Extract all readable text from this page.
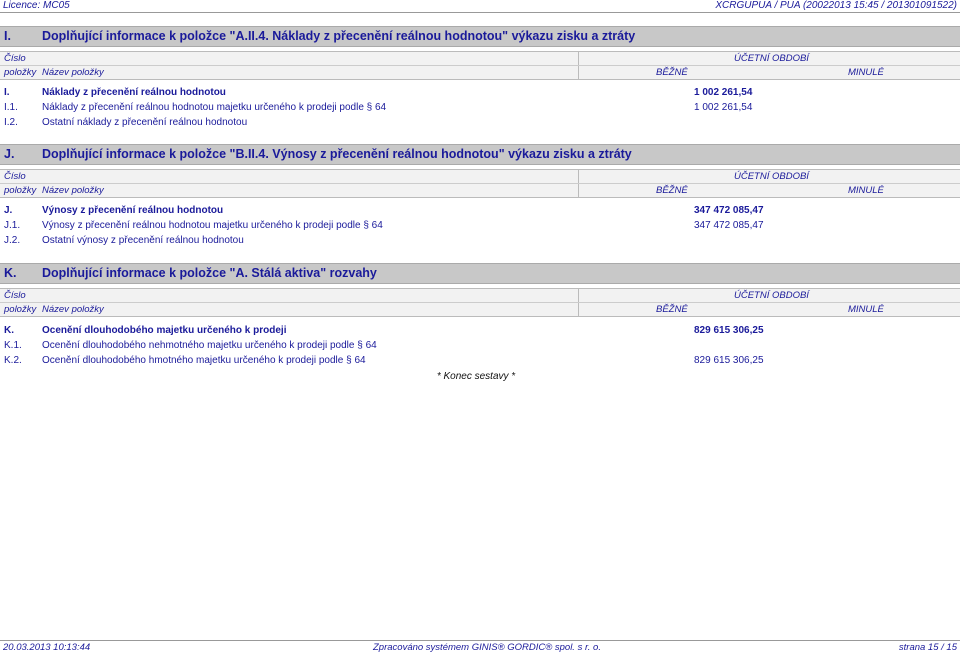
Licence: MC05	XCRGUPUA / PUA (20022013 15:45 / 201301091522)
I. Doplňující informace k položce "A.II.4. Náklady z přecenění reálnou hodnotou" výkazu zisku a ztráty
Číslo	ÚČETNÍ OBDOBÍ
položky Název položky	BĚŽNÉ	MINULÉ
I.	Náklady z přecenění reálnou hodnotou	1 002 261,54
I.1. Náklady z přecenění reálnou hodnotou majetku určeného k prodeji podle § 64	1 002 261,54
I.2. Ostatní náklady z přecenění reálnou hodnotou
J. Doplňující informace k položce "B.II.4. Výnosy z přecenění reálnou hodnotou" výkazu zisku a ztráty
Číslo	ÚČETNÍ OBDOBÍ
položky Název položky	BĚŽNÉ	MINULÉ
J.	Výnosy z přecenění reálnou hodnotou	347 472 085,47
J.1. Výnosy z přecenění reálnou hodnotou majetku určeného k prodeji podle § 64	347 472 085,47
J.2. Ostatní výnosy z přecenění reálnou hodnotou
K. Doplňující informace k položce "A. Stálá aktiva" rozvahy
Číslo	ÚČETNÍ OBDOBÍ
položky Název položky	BĚŽNÉ	MINULÉ
K.	Ocenění dlouhodobého majetku určeného k prodeji	829 615 306,25
K.1. Ocenění dlouhodobého nehmotného majetku určeného k prodeji podle § 64
K.2. Ocenění dlouhodobého hmotného majetku určeného k prodeji podle § 64	829 615 306,25
* Konec sestavy *
20.03.2013 10:13:44	Zpracováno systémem GINIS® GORDIC® spol. s r. o.	strana 15 / 15
